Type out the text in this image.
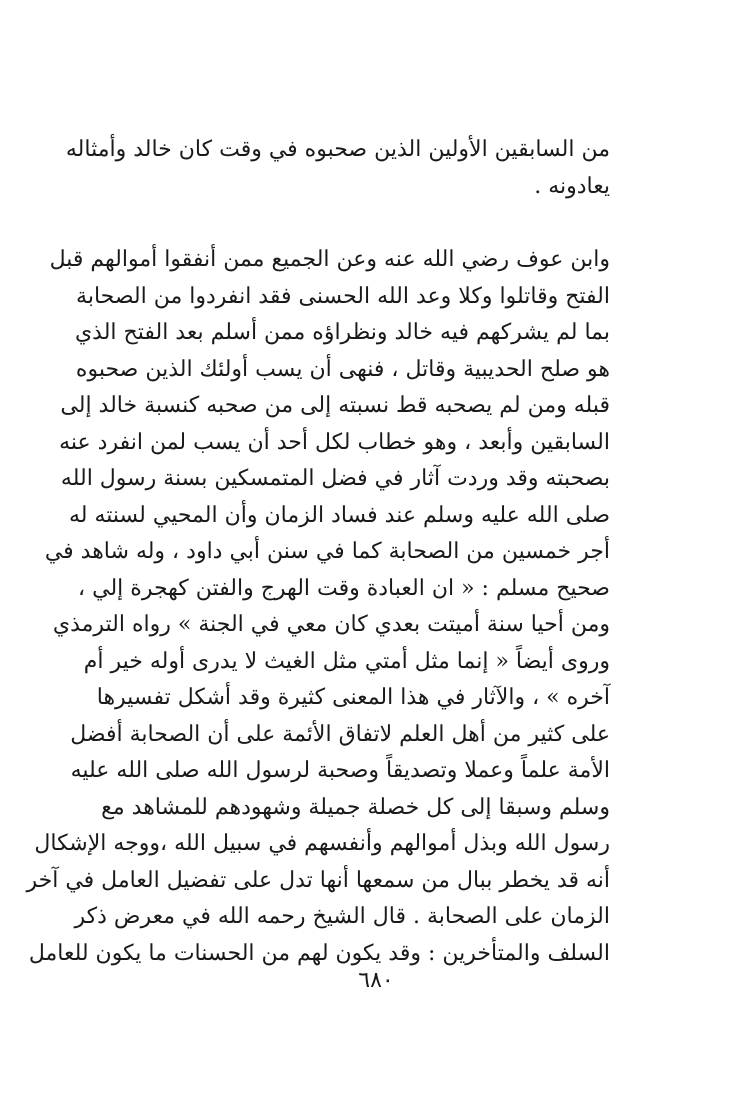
من السابقين الأولين الذين صحبوه في وقت كان خالد وأمثاله
يعادونه .
وابن عوف رضي الله عنه وعن الجميع ممن أنفقوا أموالهم قبل
الفتح وقاتلوا وكلا وعد الله الحسنى فقد انفردوا من الصحابة
بما لم يشركهم فيه خالد ونظراؤه ممن أسلم بعد الفتح الذي
هو صلح الحديبية وقاتل ، فنهى أن يسب أولئك الذين صحبوه
قبله ومن لم يصحبه قط نسبته إلى من صحبه كنسبة خالد إلى
السابقين وأبعد ، وهو خطاب لكل أحد أن يسب لمن انفرد عنه
بصحبته وقد وردت آثار في فضل المتمسكين بسنة رسول الله
صلى الله عليه وسلم عند فساد الزمان وأن المحيي لسنته له
أجر خمسين من الصحابة كما في سنن أبي داود ، وله شاهد في
صحيح مسلم : « ان العبادة وقت الهرج والفتن كهجرة إلي ،
ومن أحيا سنة أميتت بعدي كان معي في الجنة » رواه الترمذي
وروى أيضاً « إنما مثل أمتي مثل الغيث لا يدرى أوله خير أم
آخره » ، والآثار في هذا المعنى كثيرة وقد أشكل تفسيرها
على كثير من أهل العلم لاتفاق الأئمة على أن الصحابة أفضل
الأمة علماً وعملا وتصديقاً وصحبة لرسول الله صلى الله عليه
وسلم وسبقا إلى كل خصلة جميلة وشهودهم للمشاهد مع
رسول الله وبذل أموالهم وأنفسهم في سبيل الله ،ووجه الإشكال
أنه قد يخطر ببال من سمعها أنها تدل على تفضيل العامل في آخر
الزمان على الصحابة . قال الشيخ رحمه الله في معرض ذكر
السلف والمتأخرين : وقد يكون لهم من الحسنات ما يكون للعامل
٦٨٠
